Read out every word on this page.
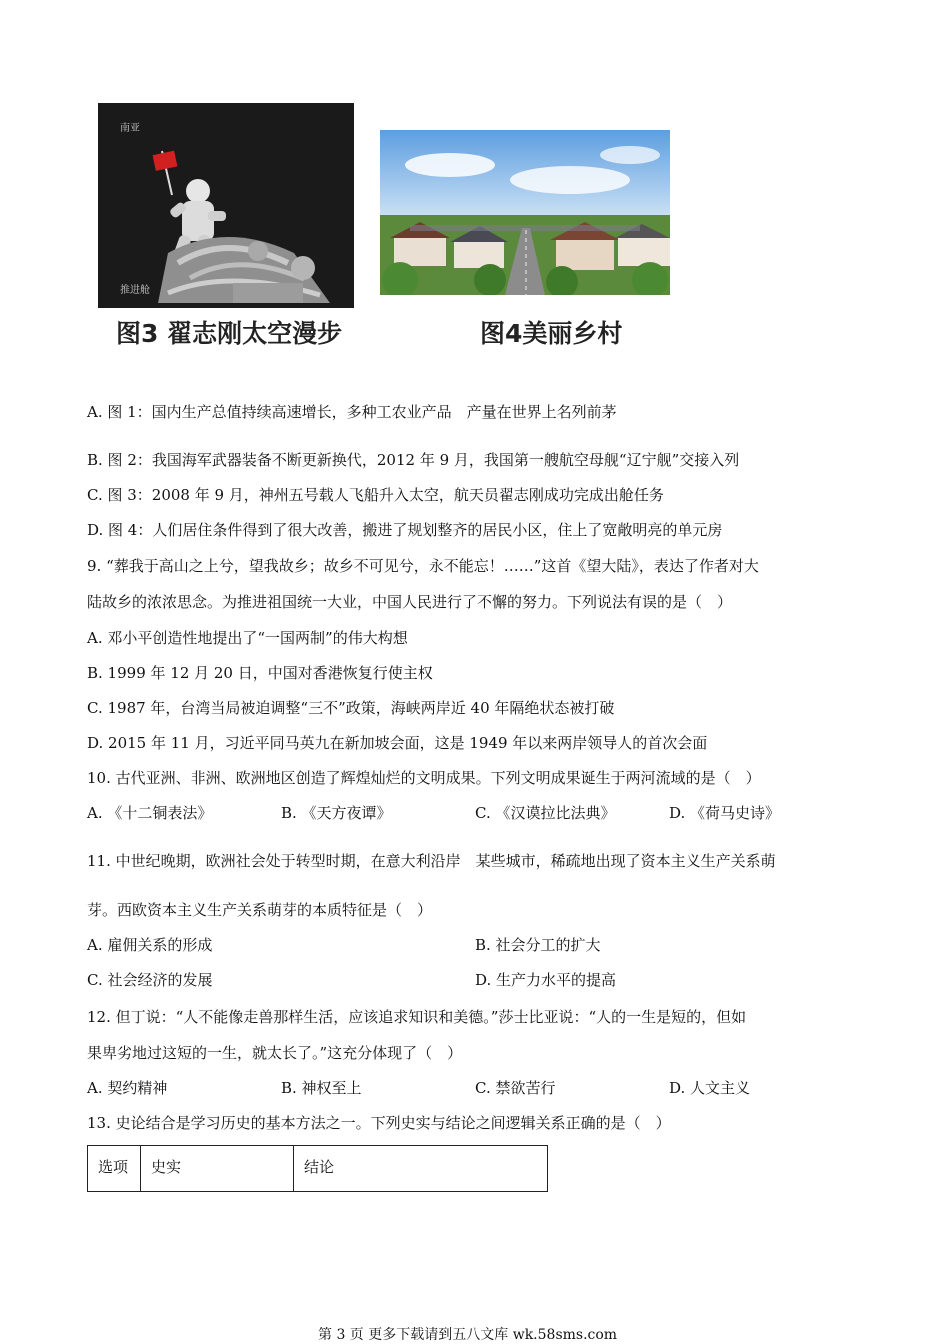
南亚
推进舱
图3 翟志刚太空漫步	图4美丽乡村
A. 图 1：国内生产总值持续高速增长，多种工农业产品　产量在世界上名列前茅
B. 图 2：我国海军武器装备不断更新换代，2012 年 9 月，我国第一艘航空母舰“辽宁舰”交接入列
C. 图 3：2008 年 9 月，神州五号载人飞船升入太空，航天员翟志刚成功完成出舱任务
D. 图 4：人们居住条件得到了很大改善，搬进了规划整齐的居民小区，住上了宽敞明亮的单元房
9. “葬我于高山之上兮，望我故乡；故乡不可见兮，永不能忘！……”这首《望大陆》，表达了作者对大
陆故乡的浓浓思念。为推进祖国统一大业，中国人民进行了不懈的努力。下列说法有误的是（　）
A. 邓小平创造性地提出了“一国两制”的伟大构想
B. 1999 年 12 月 20 日，中国对香港恢复行使主权
C. 1987 年，台湾当局被迫调整“三不”政策，海峡两岸近 40 年隔绝状态被打破
D. 2015 年 11 月，习近平同马英九在新加坡会面，这是 1949 年以来两岸领导人的首次会面
10. 古代亚洲、非洲、欧洲地区创造了辉煌灿烂的文明成果。下列文明成果诞生于两河流域的是（　）
A. 《十二铜表法》	B. 《天方夜谭》	C. 《汉谟拉比法典》	D. 《荷马史诗》
11. 中世纪晚期，欧洲社会处于转型时期，在意大利沿岸　某些城市，稀疏地出现了资本主义生产关系萌
芽。西欧资本主义生产关系萌芽的本质特征是（　）
A. 雇佣关系的形成	B. 社会分工的扩大
C. 社会经济的发展	D. 生产力水平的提高
12. 但丁说：“人不能像走兽那样生活，应该追求知识和美德。”莎士比亚说：“人的一生是短的，但如
果卑劣地过这短的一生，就太长了。”这充分体现了（　）
A. 契约精神	B. 神权至上	C. 禁欲苦行	D. 人文主义
13. 史论结合是学习历史的基本方法之一。下列史实与结论之间逻辑关系正确的是（　）
选项	史实	结论
第 3 页 更多下载请到五八文库 wk.58sms.com
